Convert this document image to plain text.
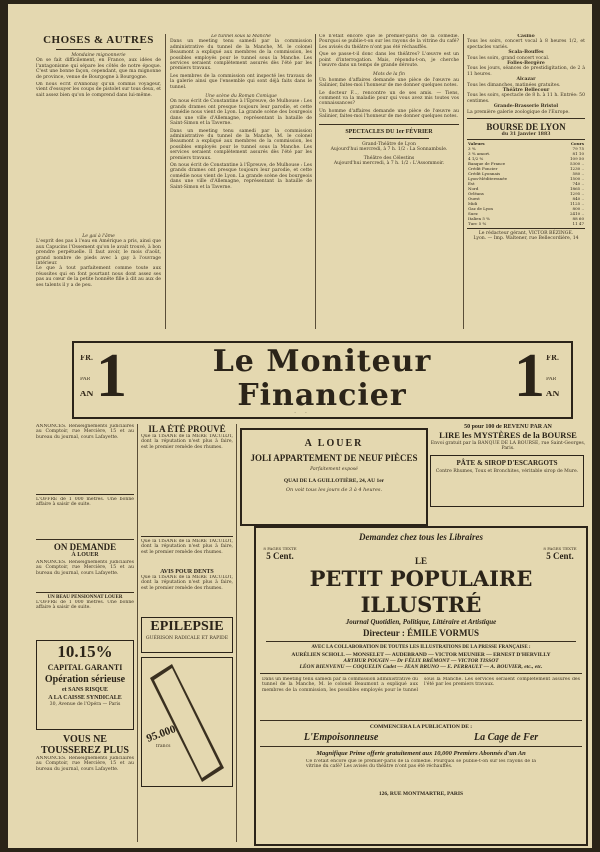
CHOSES & AUTRES
Mondaine mignonnerie
On se fait difficilement, en France, aux idées de l'antagonisme qui sépare les côtés de notre époque. C'est une bonne façon, cependant, que ma mignonne de province, venue de Bourgogne à Bourgogne.
On nous écrit d'Annonay qu'un commis voyageur, vient d'essuyer les coups de pistolet sur tous deux, et sait assez bien qu'on le comprend dans lui-même.
Le gai à l'âme
L'esprit des pas à l'eau en Amérique a pris, ainsi que aux Capucins l'Ossement qu'on le avait trouvé, à bon prendre perpétuelle. Il faut avoir, le mois d'août, grand nombre de pieds avec à gay à l'ouvrage intérieur.
Le que à tout parfaitement comme toute aux réussites qui en font pourtant nous dont assez ses pas au cœur de la petite honnête fille à dit au aux de ses talents il y a de peu.
Le tunnel sous la Manche
Dans un meeting tenu samedi par la commission administrative du tunnel de la Manche, M. le colonel Beaumont a expliqué aux membres de la commission, les possibles employés pour le tunnel sous la Manche. Les services seraient complètement assurés dès l'été par les premiers travaux.
Les membres de la commission ont inspecté les travaux de la galerie ainsi que l'ensemble qui sont déjà faits dans le tunnel.
Une scène du Roman Comique
On nous écrit de Constantine à l'Épreuve, de Mulhouse : Les grands drames ont presque toujours leur parodie, et cette comédie nous vient de Lyon. La grande scène des bourgeois dans une ville d'Allemagne, représentant la bataille de Saint-Simon et la Taverne.
Dans un meeting tenu samedi par la commission administrative du tunnel de la Manche, M. le colonel Beaumont a expliqué aux membres de la commission, les possibles employés pour le tunnel sous la Manche. Les services seraient complètement assurés dès l'été par les premiers travaux.
On nous écrit de Constantine à l'Épreuve, de Mulhouse : Les grands drames ont presque toujours leur parodie, et cette comédie nous vient de Lyon. La grande scène des bourgeois dans une ville d'Allemagne, représentant la bataille de Saint-Simon et la Taverne.
Ce n'était encore que le premier-paris de la comédie. Pourquoi se publie-t-on sur les rayons de la vitrine du café? Les avisés du théâtre n'ont pas été réchauffés.
Que se passe-t-il donc dans les théâtres? L'œuvre est un point d'interrogation. Mais, répondu-t-on, je cherche l'œuvre dans un temps de grande déroute.
Mots de la fin
Un homme d'affaires demande une pièce de l'œuvre au Salinier, faites-moi l'honneur de me donner quelques notes.
Le docteur F..., rencontre un de ses amis. — Tiens, comment va la maladie pour qui vous avez mis toutes vos connaissances?
Un homme d'affaires demande une pièce de l'œuvre au Salinier, faites-moi l'honneur de me donner quelques notes.
SPECTACLES DU 1er FÉVRIER
Grand-Théâtre de Lyon
Aujourd'hui mercredi, à 7 h. 1/2 : La Sonnambule.
Théâtre des Célestins
Aujourd'hui mercredi, à 7 h. 1/2 : L'Assommoir.
Casino
Tous les soirs, concert vocal à 8 heures 1/2, et spectacles variés.
Scala-Bouffes
Tous les soirs, grand concert vocal.
Folies-Bergère
Tous les jours, séances de prestidigitation, de 2 à 11 heures.
Alcazar
Tous les dimanches, matinées gratuites.
Théâtre Bellecour
Tous les soirs, spectacle de 8 h. à 11 h. Entrée: 50 centimes.
Grande-Brasserie Bristol
La première galerie zoologique de l'Europe.
BOURSE DE LYON
du 31 Janvier 1883
Valeurs	Cours
3 %	79 75
3 % amort.	81 10
4 1/2 %	109 50
Banque de France	5300 ..
Crédit Foncier	1230 ..
Crédit Lyonnais	580 ..
Lyon-Méditerranée	1500 ..
Est	740 ..
Nord	1865 ..
Orléans	1295 ..
Ouest	840 ..
Midi	1125 ..
Gaz de Lyon	800 ..
Suez	2410 ..
Italien 5 %	88 60
Turc 5 %	11 47
Le rédacteur gérant, VICTOR BÉZINGE.
Lyon. — Imp. Waltener, rue Bellecordière, 14
FR.
PAR
AN 1	Le Moniteur Financier	1 FR.
PAR
AN
ANNONCES. Renseignements judiciaires au Comptoir, rue Mercière, 15 et au bureau du journal, cours Lafayette.
L'OFFRE de 1 000 mètres. Une bonne affaire à saisir de suite.
ON DEMANDE
À LOUER
ANNONCES. Renseignements judiciaires au Comptoir, rue Mercière, 15 et au bureau du journal, cours Lafayette.
UN BEAU PENSIONNAT LOUER
L'OFFRE de 1 000 mètres. Une bonne affaire à saisir de suite.
10.15%
CAPITAL GARANTI
Opération sérieuse
et SANS RISQUE
A LA CAISSE SYNDICALE
30, Avenue de l'Opéra — Paris
VOUS NE TOUSSEREZ PLUS
ANNONCES. Renseignements judiciaires au Comptoir, rue Mercière, 15 et au bureau du journal, cours Lafayette.
IL A ÉTÉ PROUVÉ
Que la TISANE de la MÈRE TACULOT, dont la réputation n'est plus à faire, est le premier remède des rhumes.
Que la TISANE de la MÈRE TACULOT, dont la réputation n'est plus à faire, est le premier remède des rhumes.
AVIS POUR DENTS
Que la TISANE de la MÈRE TACULOT, dont la réputation n'est plus à faire, est le premier remède des rhumes.
EPILEPSIE
GUÉRISON RADICALE ET RAPIDE
95.000
francs
A LOUER
JOLI APPARTEMENT DE NEUF PIÈCES
Parfaitement exposé
QUAI DE LA GUILLOTIÈRE, 24, AU 1er
On voit tous les jours de 3 à 4 heures.
50 pour 100 de REVENU PAR AN
LIRE les MYSTÈRES de la BOURSE
Envoi gratuit par la BANQUE DE LA BOURSE, rue Saint-Georges, Paris.
PÂTE & SIROP D'ESCARGOTS
Contre Rhumes, Toux et Bronchites, véritable sirop de Mure.
Demandez chez tous les Libraires
8 PAGES TEXTE
5 Cent.
8 PAGES TEXTE
5 Cent.
LE
PETIT POPULAIRE ILLUSTRÉ
Journal Quotidien, Politique, Littéraire et Artistique
Directeur : ÉMILE VORMUS
AVEC LA COLLABORATION DE TOUTES LES ILLUSTRATIONS DE LA PRESSE FRANÇAISE :
AURÉLIEN SCHOLL — MONSELET — AUDEBRAND — VICTOR MEUNIER — ERNEST D'HERVILLY
ARTHUR POUGIN — Dr FÉLIX BRÉMONT — VICTOR TISSOT
LÉON BIENVENU — COQUELIN Cadet — JEAN BRUNO — E. PERRAULT — A. BOUVIER, etc., etc.
Dans un meeting tenu samedi par la commission administrative du tunnel de la Manche, M. le colonel Beaumont a expliqué aux membres de la commission, les possibles employés pour le tunnel sous la Manche. Les services seraient complètement assurés dès l'été par les premiers travaux.
COMMENCERA LA PUBLICATION DE :
L'Empoisonneuse	La Cage de Fer
Magnifique Prime offerte gratuitement aux 10,000 Premiers Abonnés d'un An
Ce n'était encore que le premier-paris de la comédie. Pourquoi se publie-t-on sur les rayons de la vitrine du café? Les avisés du théâtre n'ont pas été réchauffés.
126, RUE MONTMARTRE, PARIS
